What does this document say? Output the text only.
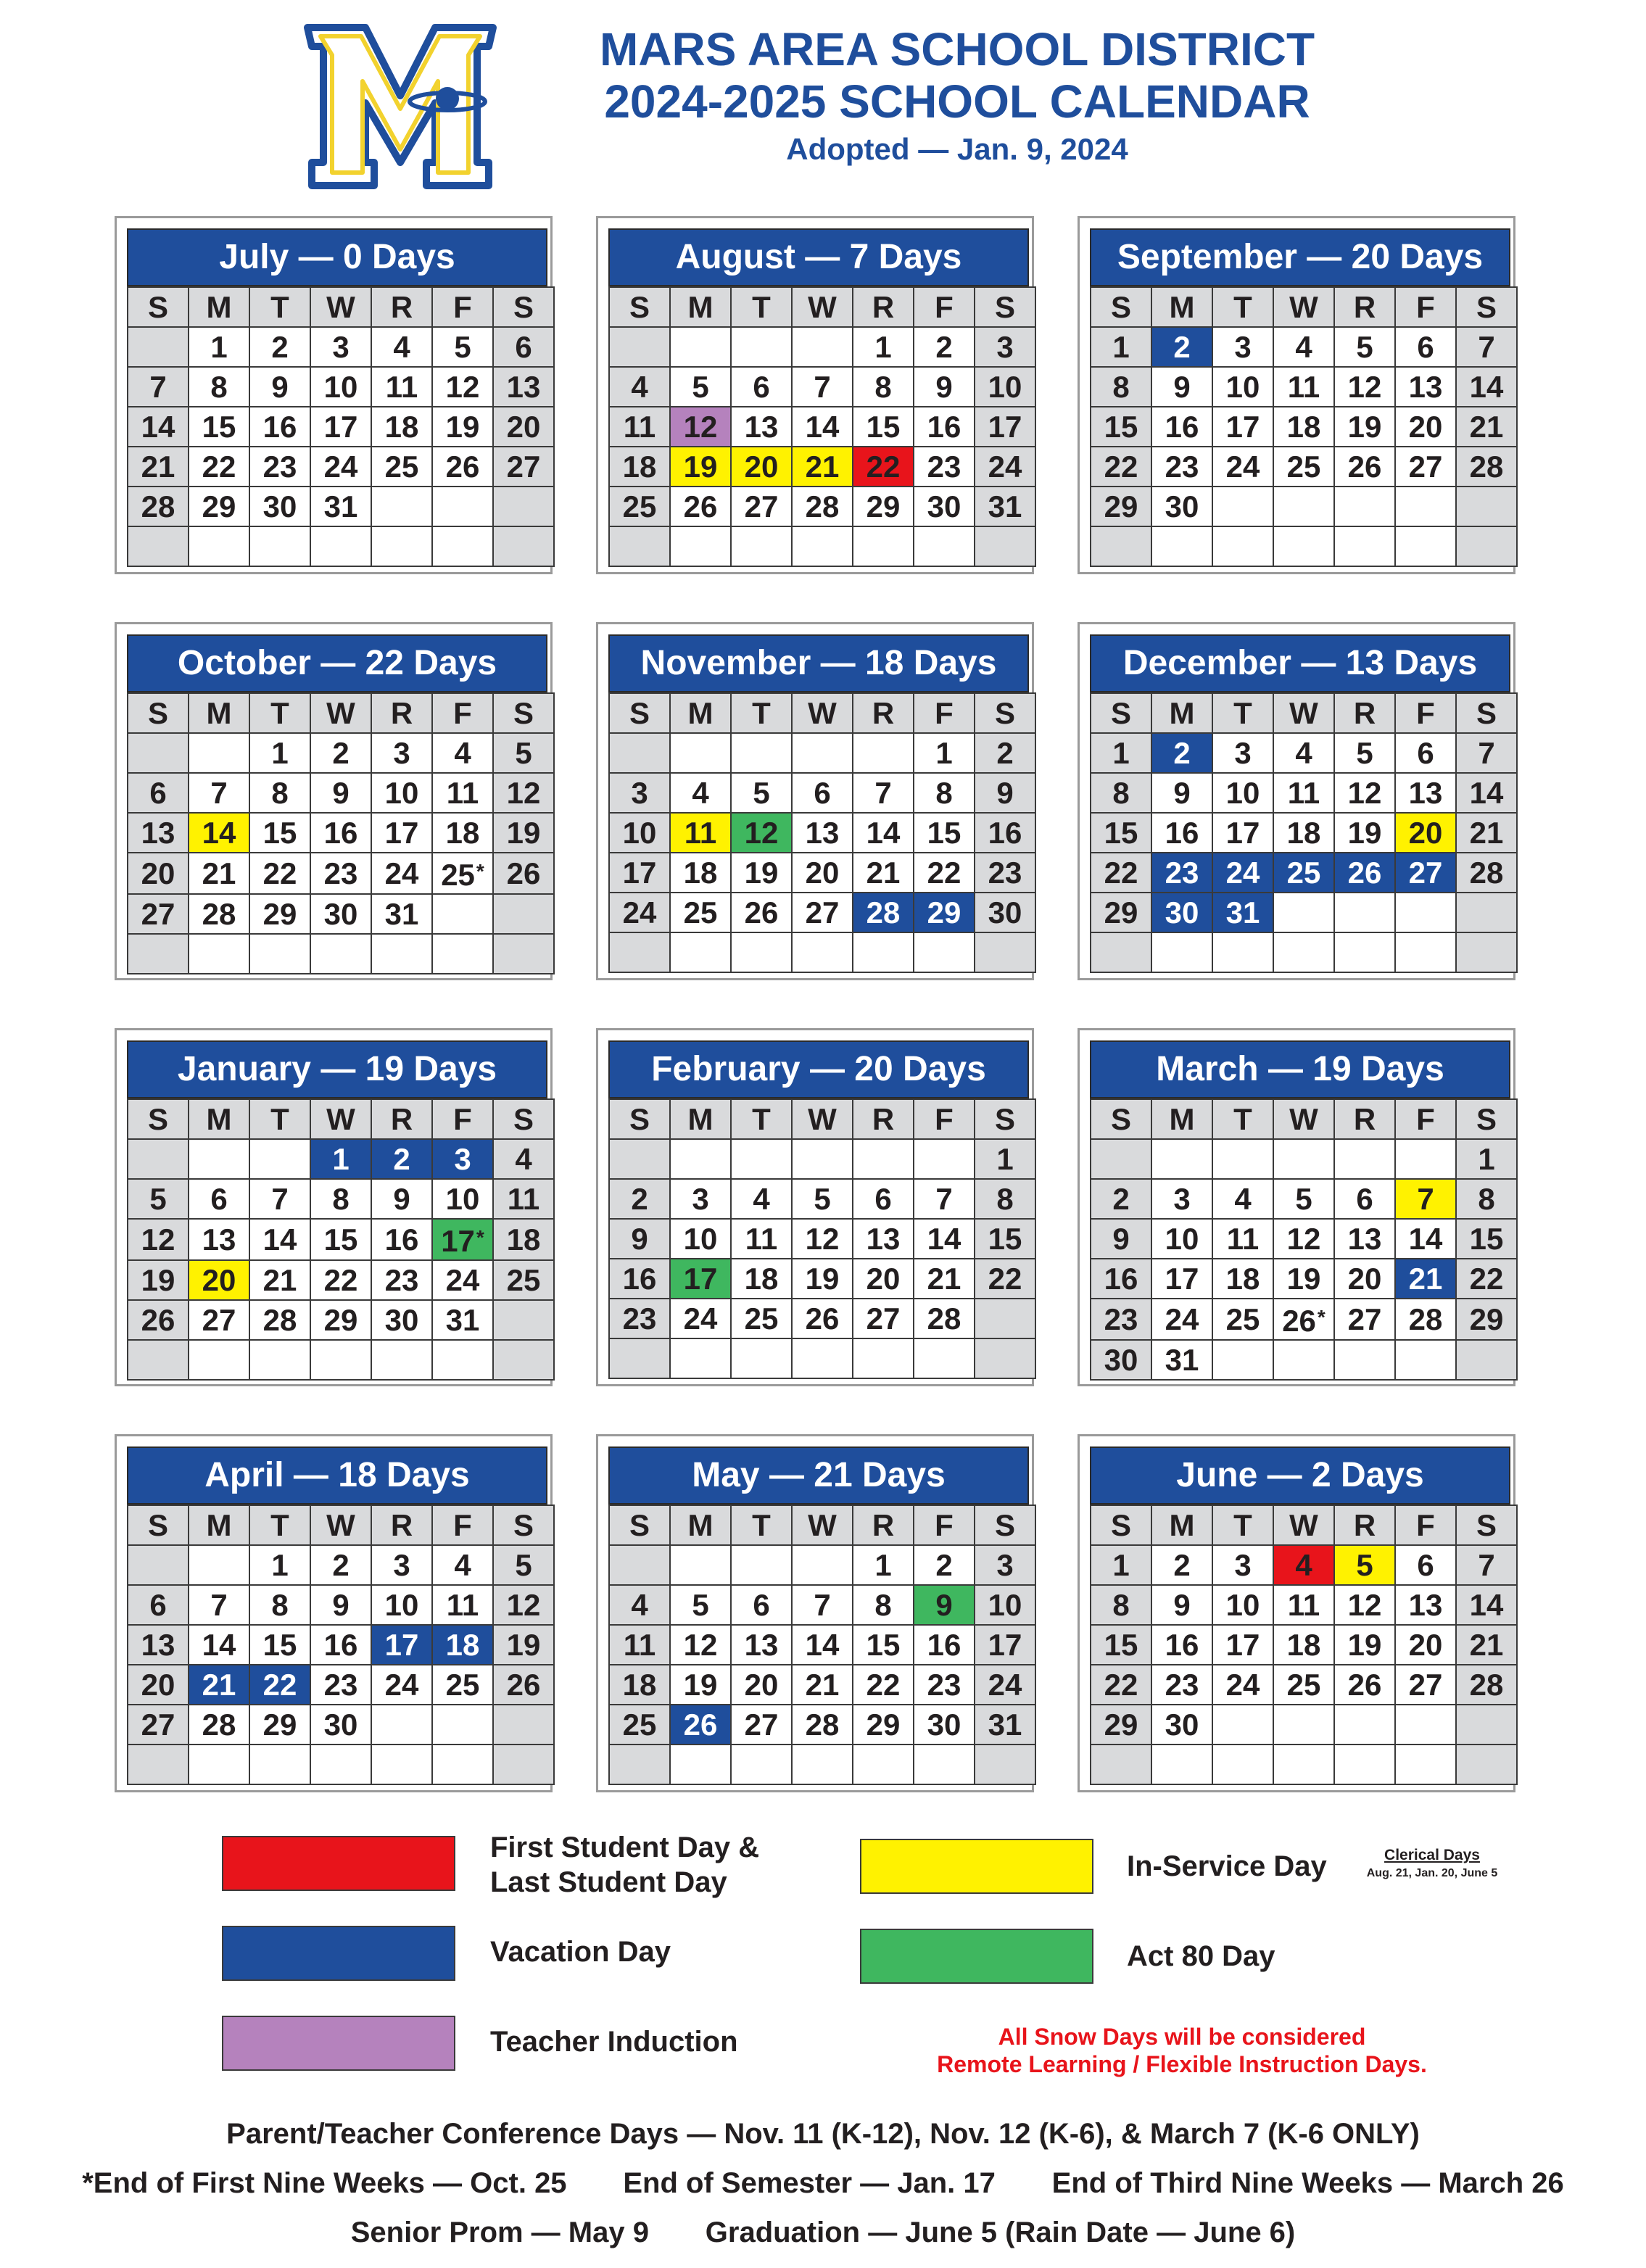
MARS AREA SCHOOL DISTRICT
2024-2025 SCHOOL CALENDAR
Adopted — Jan. 9, 2024
July — 0 Days
S	M	T	W	R	F	S
	1	2	3	4	5	6
7	8	9	10	11	12	13
14	15	16	17	18	19	20
21	22	23	24	25	26	27
28	29	30	31			

August — 7 Days
S	M	T	W	R	F	S
				1	2	3
4	5	6	7	8	9	10
11	12	13	14	15	16	17
18	19	20	21	22	23	24
25	26	27	28	29	30	31

September — 20 Days
S	M	T	W	R	F	S
1	2	3	4	5	6	7
8	9	10	11	12	13	14
15	16	17	18	19	20	21
22	23	24	25	26	27	28
29	30					

October — 22 Days
S	M	T	W	R	F	S
		1	2	3	4	5
6	7	8	9	10	11	12
13	14	15	16	17	18	19
20	21	22	23	24	25*	26
27	28	29	30	31		

November — 18 Days
S	M	T	W	R	F	S
					1	2
3	4	5	6	7	8	9
10	11	12	13	14	15	16
17	18	19	20	21	22	23
24	25	26	27	28	29	30

December — 13 Days
S	M	T	W	R	F	S
1	2	3	4	5	6	7
8	9	10	11	12	13	14
15	16	17	18	19	20	21
22	23	24	25	26	27	28
29	30	31				

January — 19 Days
S	M	T	W	R	F	S
			1	2	3	4
5	6	7	8	9	10	11
12	13	14	15	16	17*	18
19	20	21	22	23	24	25
26	27	28	29	30	31	

February — 20 Days
S	M	T	W	R	F	S
						1
2	3	4	5	6	7	8
9	10	11	12	13	14	15
16	17	18	19	20	21	22
23	24	25	26	27	28	

March — 19 Days
S	M	T	W	R	F	S
						1
2	3	4	5	6	7	8
9	10	11	12	13	14	15
16	17	18	19	20	21	22
23	24	25	26*	27	28	29
30	31					
April — 18 Days
S	M	T	W	R	F	S
		1	2	3	4	5
6	7	8	9	10	11	12
13	14	15	16	17	18	19
20	21	22	23	24	25	26
27	28	29	30			

May — 21 Days
S	M	T	W	R	F	S
				1	2	3
4	5	6	7	8	9	10
11	12	13	14	15	16	17
18	19	20	21	22	23	24
25	26	27	28	29	30	31

June — 2 Days
S	M	T	W	R	F	S
1	2	3	4	5	6	7
8	9	10	11	12	13	14
15	16	17	18	19	20	21
22	23	24	25	26	27	28
29	30					

First Student Day &
Last Student Day
Vacation Day
Teacher Induction
In-Service Day	Clerical Days
Aug. 21, Jan. 20, June 5
Act 80 Day
All Snow Days will be considered
Remote Learning / Flexible Instruction Days.
Parent/Teacher Conference Days — Nov. 11 (K-12), Nov. 12 (K-6), & March 7 (K-6 ONLY)
*End of First Nine Weeks — Oct. 25 End of Semester — Jan. 17 End of Third Nine Weeks — March 26
Senior Prom — May 9 Graduation — June 5 (Rain Date — June 6)
